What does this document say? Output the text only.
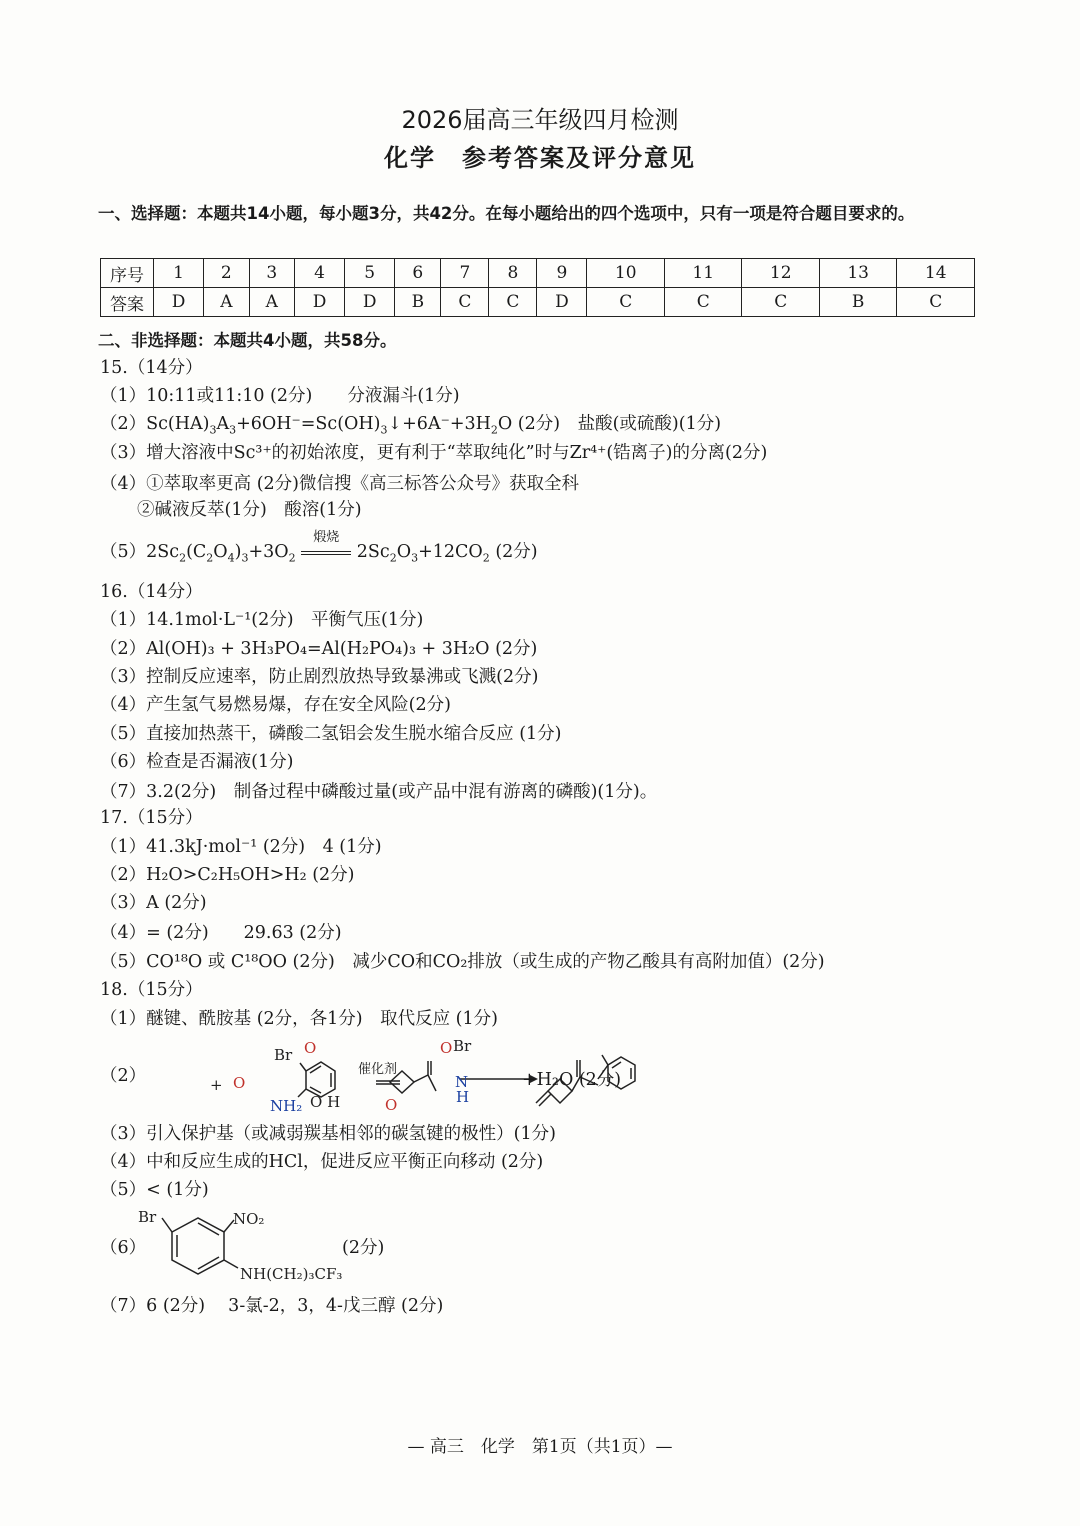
2026届高三年级四月检测
化学　参考答案及评分意见
一、选择题：本题共14小题，每小题3分，共42分。在每小题给出的四个选项中，只有一项是符合题目要求的。
序号	1	2	3	4	5	6	7	8	9	10	11	12	13	14
答案	D	A	A	D	D	B	C	C	D	C	C	C	B	C
二、非选择题：本题共4小题，共58分。
15.（14分）
（1）10:11或11:10 (2分)　　分液漏斗(1分)
$(2)Sc(HA)_3A_3+6OH^-=Sc(OH)_3↓+6A^-+3H_2O$ (2分)　盐酸(或硫酸)(1分)
（3）增大溶液中Sc³⁺的初始浓度，更有利于“萃取纯化”时与Zr⁴⁺(锆离子)的分离(2分)
（4）①萃取率更高 (2分)微信搜《高三标答公众号》获取全科
②碱液反萃(1分)　酸溶(1分)
$(5)2Sc_2(C_2O_4)_3+3O_2$
煅烧
$2Sc_2O_3+12CO_2$ (2分)
16.（14分）
（1）14.1mol·L⁻¹(2分)　平衡气压(1分)
（2）Al(OH)₃ + 3H₃PO₄=Al(H₂PO₄)₃ + 3H₂O (2分)
（3）控制反应速率，防止剧烈放热导致暴沸或飞溅(2分)
（4）产生氢气易燃易爆，存在安全风险(2分)
（5）直接加热蒸干，磷酸二氢铝会发生脱水缩合反应 (1分)
（6）检查是否漏液(1分)
（7）3.2(2分)　制备过程中磷酸过量(或产品中混有游离的磷酸)(1分)。
17.（15分）
（1）41.3kJ·mol⁻¹ (2分)　4 (1分)
（2）H₂O>C₂H₅OH>H₂ (2分)
（3）A (2分)
（4）= (2分)　　29.63 (2分)
（5）CO¹⁸O 或 C¹⁸OO (2分)　减少CO和CO₂排放（或生成的产物乙酸具有高附加值）(2分)
18.（15分）
（1）醚键、酰胺基 (2分，各1分)　取代反应 (1分)
（2）
Br
NH₂
+ O
O
O H
催化剂
O
O Br
N
H
+H₂O (2分)
（3）引入保护基（或减弱羰基相邻的碳氢键的极性）(1分)
（4）中和反应生成的HCl，促进反应平衡正向移动 (2分)
（5）< (1分)
（6）
Br	NO₂
NH(CH₂)₃CF₃
(2分)
（7）6 (2分)　 3-氯-2，3，4-戊三醇 (2分)
— 高三　化学　第1页（共1页）—
